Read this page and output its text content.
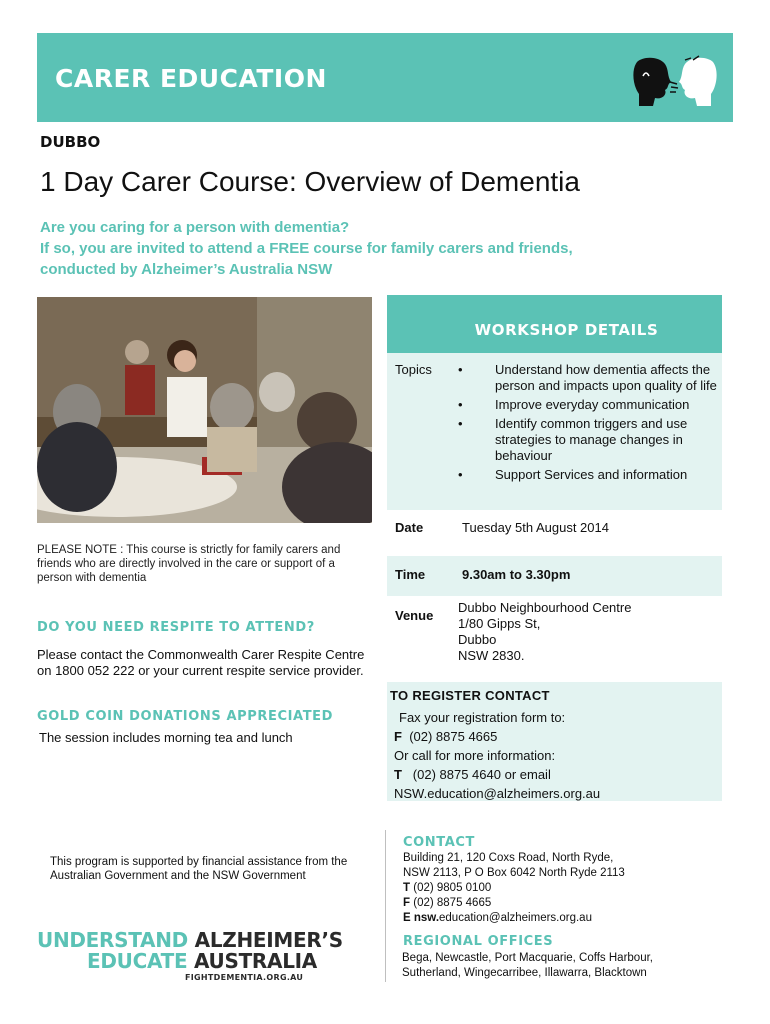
CARER EDUCATION
DUBBO
1 Day Carer Course: Overview of Dementia
Are you caring for a person with dementia?
If so, you are invited to attend a FREE course for family carers and friends,
conducted by Alzheimer’s Australia NSW
PLEASE NOTE : This course is strictly for family carers and friends who are directly involved in the care or support of a person with dementia
DO YOU NEED RESPITE TO ATTEND?
Please contact the Commonwealth Carer Respite Centre on 1800 052 222 or your current respite service provider.
GOLD COIN DONATIONS APPRECIATED
The session includes morning tea and lunch
WORKSHOP DETAILS
Topics • Understand how dementia affects the person and impacts upon quality of life
• Improve everyday communication
• Identify common triggers and use strategies to manage changes in behaviour
• Support Services and information
Date	Tuesday 5th August 2014
Time	9.30am to 3.30pm
Venue
Dubbo Neighbourhood Centre
1/80 Gipps St,
Dubbo
NSW 2830.
TO REGISTER CONTACT
Fax your registration form to:
F (02) 8875 4665
Or call for more information:
T (02) 8875 4640 or email
NSW.education@alzheimers.org.au
This program is supported by financial assistance from the Australian Government and the NSW Government
UNDERSTAND ALZHEIMER’S
EDUCATE AUSTRALIA
FIGHTDEMENTIA.ORG.AU
CONTACT
Building 21, 120 Coxs Road, North Ryde,
NSW 2113, P O Box 6042 North Ryde 2113
T (02) 9805 0100
F (02) 8875 4665
E nsw.education@alzheimers.org.au
REGIONAL OFFICES
Bega, Newcastle, Port Macquarie, Coffs Harbour,
Sutherland, Wingecarribee, Illawarra, Blacktown
